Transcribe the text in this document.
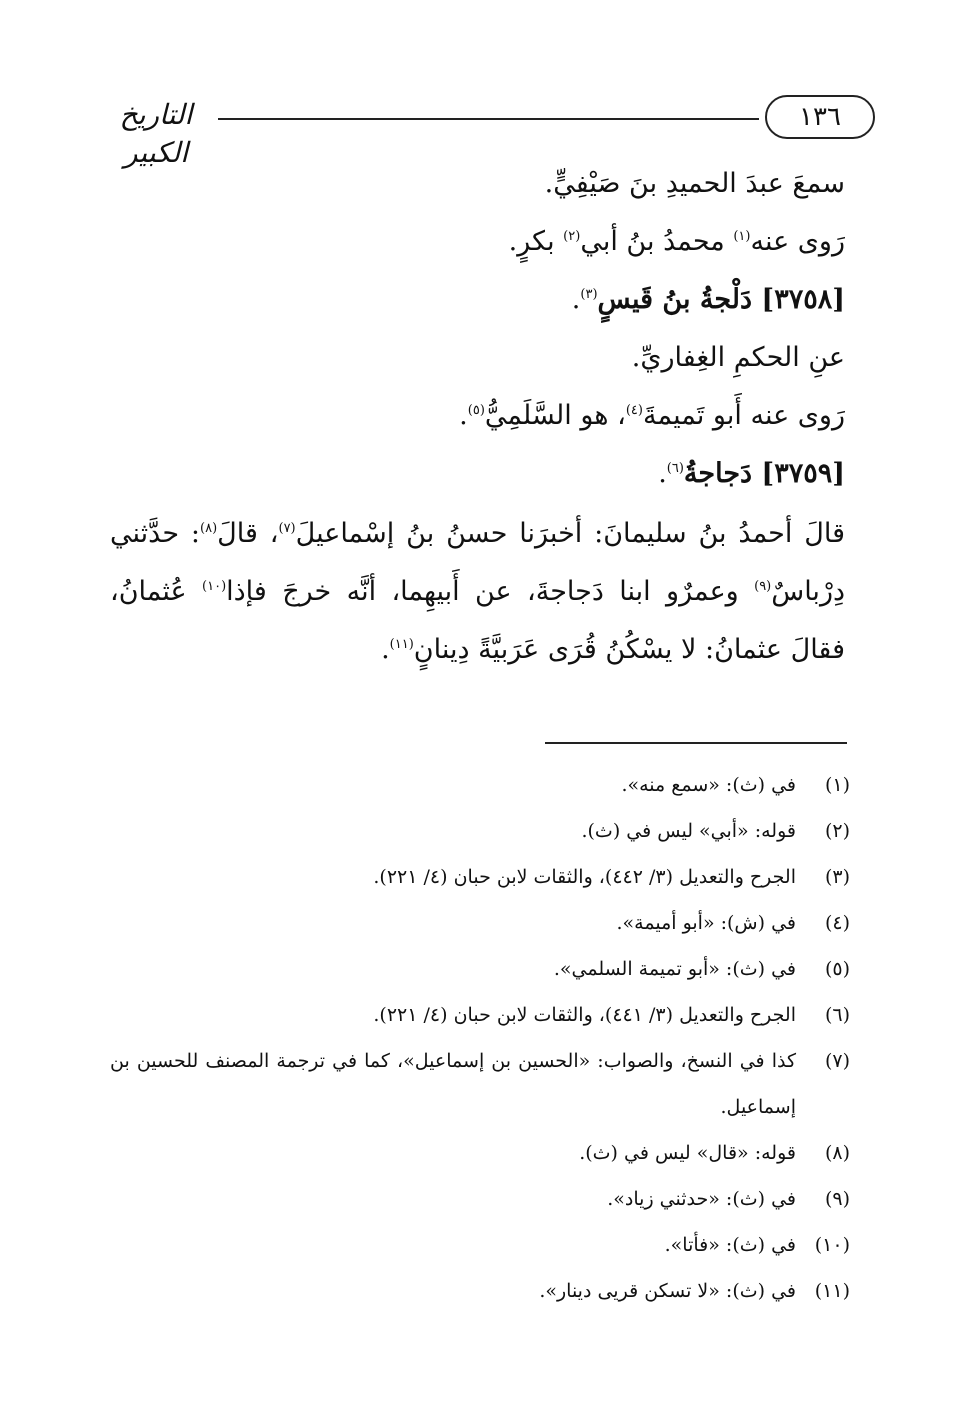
١٣٦
التاريخ الكبير
سمعَ عبدَ الحميدِ بنَ صَيْفِيٍّ.
رَوى عنه$^{(١)}$ محمدُ بنُ أبي$^{(٢)}$ بكرٍ.
[٣٧٥٨] دَلْجةُ بنُ قَيسٍ$^{(٣)}$.
عنِ الحكمِ الغِفاريِّ.
رَوى عنه أَبو تَميمةَ$^{(٤)}$، هو السَّلَمِيُّ$^{(٥)}$.
[٣٧٥٩] دَجاجةُ$^{(٦)}$.
قالَ أحمدُ بنُ سليمانَ: أخبرَنا حسنُ بنُ إسْماعيلَ$^{(٧)}$، قالَ$^{(٨)}$: حدَّثني دِرْباسٌ$^{(٩)}$ وعمرٌو ابنا دَجاجةَ، عن أَبيهِما، أنَّه خرجَ فإذا$^{(١٠)}$ عُثمانُ، فقالَ عثمانُ: لا يسْكُنُ قُرَى عَرَبيَّةً دِينانٍ$^{(١١)}$.
(١)
في (ث): «سمع منه».
(٢)
قوله: «أبي» ليس في (ث).
(٣)
الجرح والتعديل (٣/ ٤٤٢)، والثقات لابن حبان (٤/ ٢٢١).
(٤)
في (ش): «أبو أميمة».
(٥)
في (ث): «أبو تميمة السلمي».
(٦)
الجرح والتعديل (٣/ ٤٤١)، والثقات لابن حبان (٤/ ٢٢١).
(٧)
كذا في النسخ، والصواب: «الحسين بن إسماعيل»، كما في ترجمة المصنف للحسين بن إسماعيل.
(٨)
قوله: «قال» ليس في (ث).
(٩)
في (ث): «حدثني زياد».
(١٠)
في (ث): «فأتا».
(١١)
في (ث): «لا تسكن قريى دينار».
